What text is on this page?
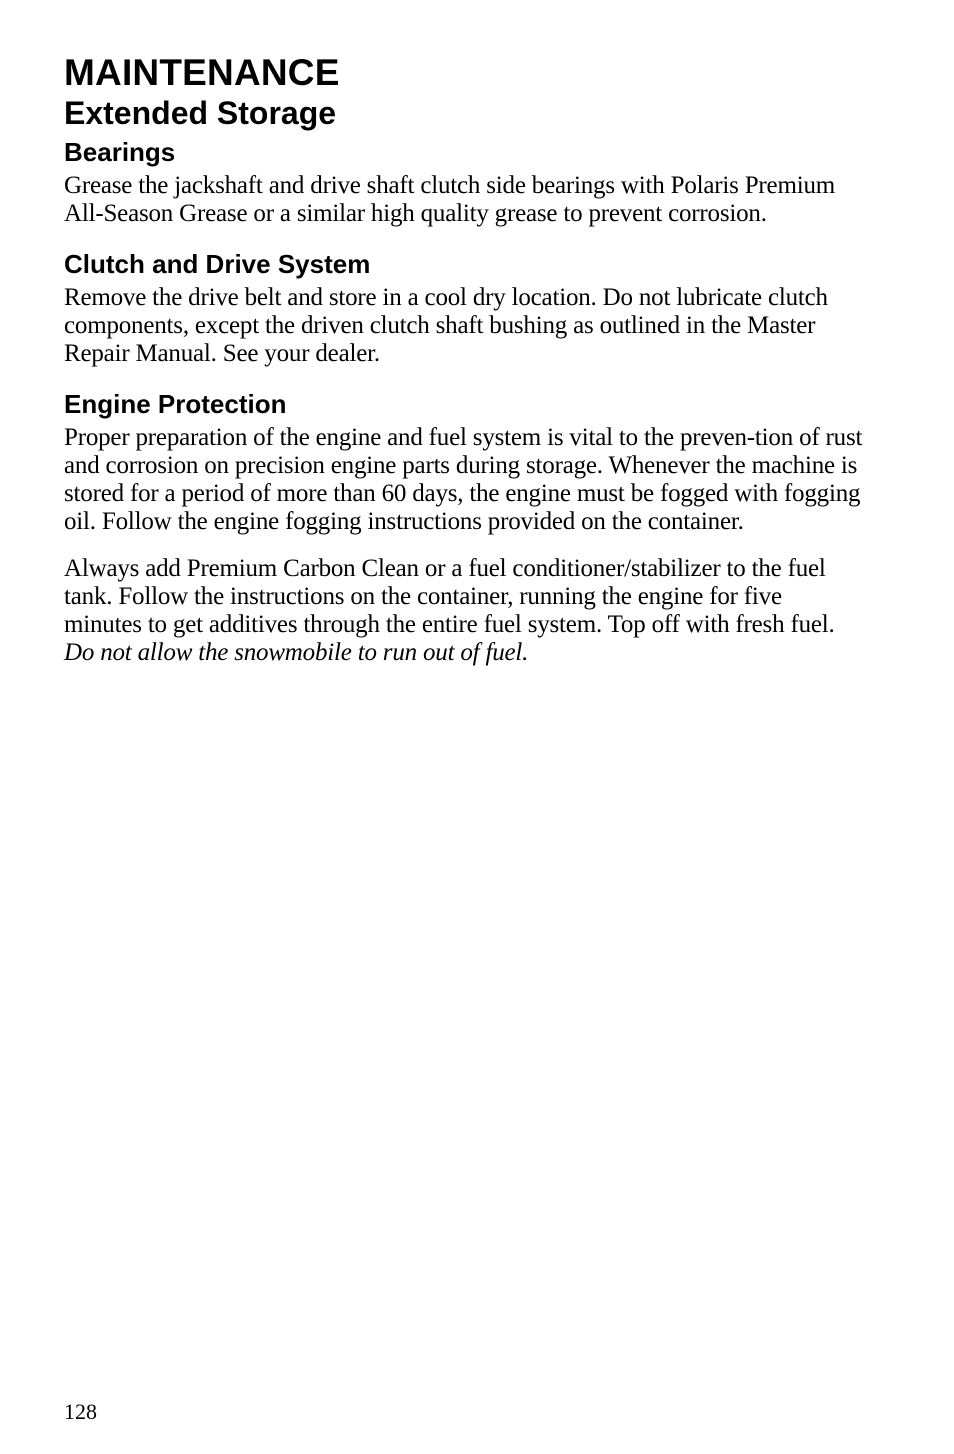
MAINTENANCE
Extended Storage
Bearings

Grease the jackshaft and drive shaft clutch side bearings with Polaris Premium All-Season Grease or a similar high quality grease to prevent corrosion.

Clutch and Drive System

Remove the drive belt and store in a cool dry location. Do not lubricate clutch components, except the driven clutch shaft bushing as outlined in the Master Repair Manual. See your dealer.

Engine Protection

Proper preparation of the engine and fuel system is vital to the preven-tion of rust and corrosion on precision engine parts during storage. Whenever the machine is stored for a period of more than 60 days, the engine must be fogged with fogging oil. Follow the engine fogging instructions provided on the container.

Always add Premium Carbon Clean or a fuel conditioner/stabilizer to the fuel tank. Follow the instructions on the container, running the engine for five minutes to get additives through the entire fuel system. Top off with fresh fuel. Do not allow the snowmobile to run out of fuel.

128
